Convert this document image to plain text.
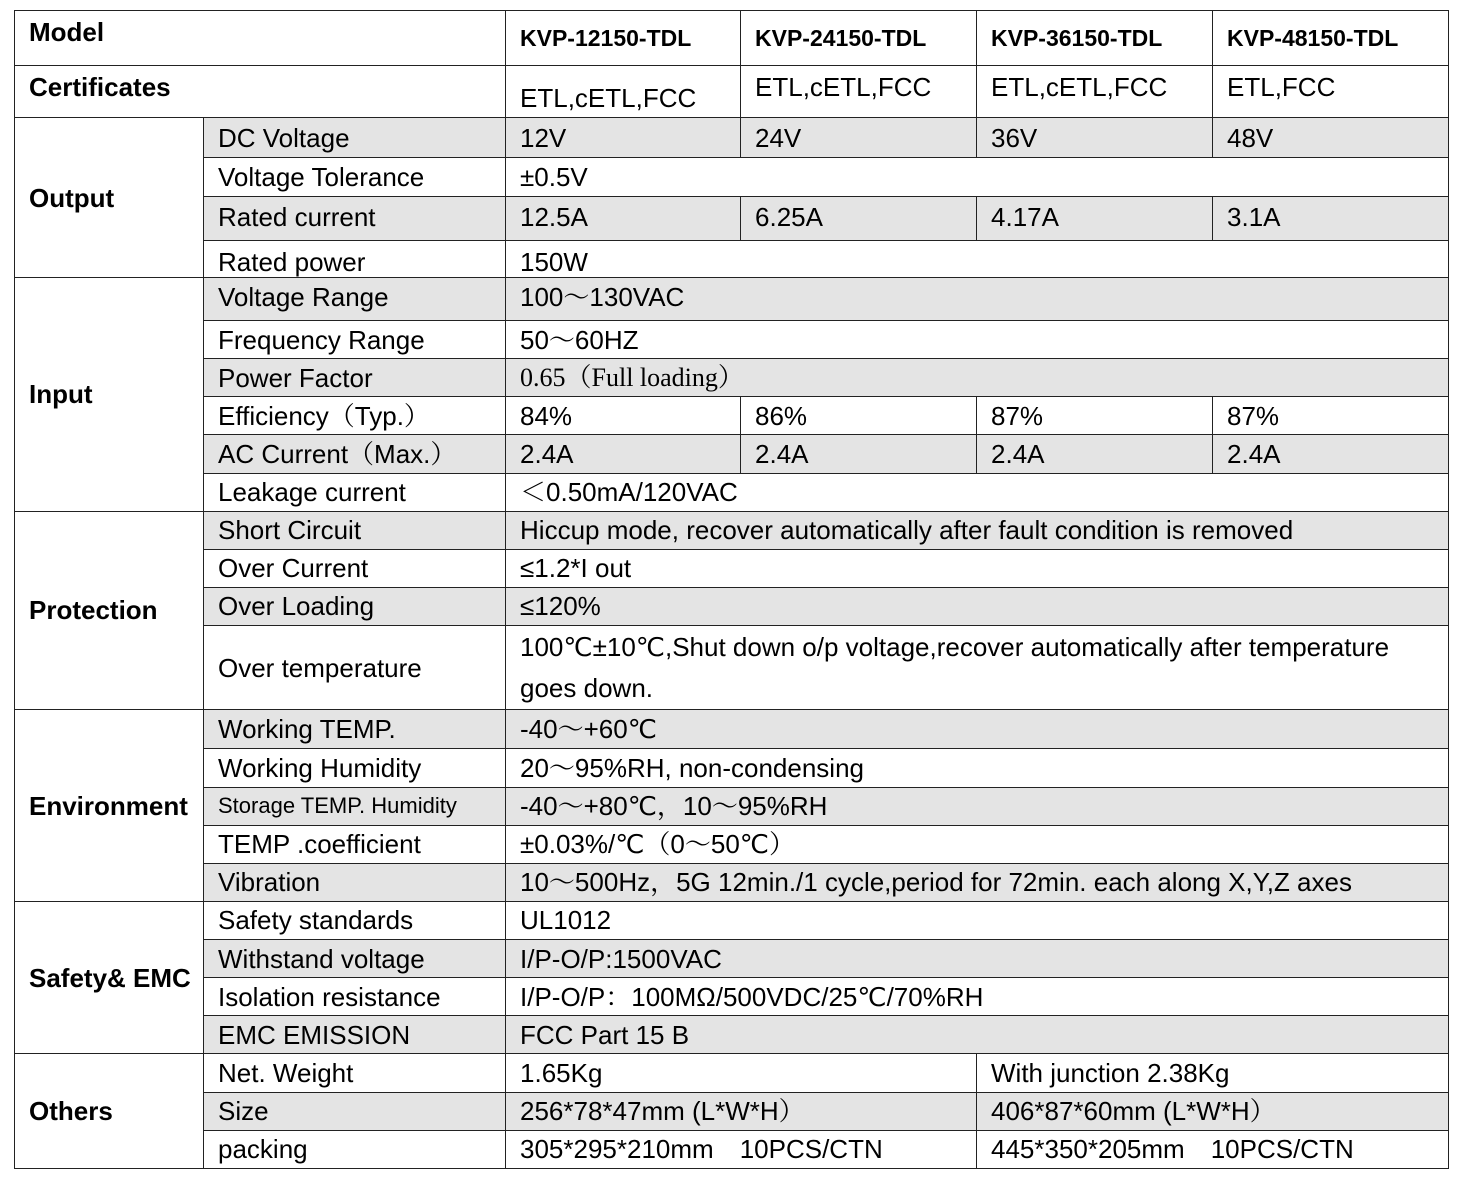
Model		KVP-12150-TDL	KVP-24150-TDL	KVP-36150-TDL	KVP-48150-TDL
Certificates		ETL,cETL,FCC	ETL,cETL,FCC	ETL,cETL,FCC	ETL,FCC
Output	DC Voltage	12V	24V	36V	48V
	Voltage Tolerance	±0.5V			
	Rated current	12.5A	6.25A	4.17A	3.1A
	Rated power	150W			
Input	Voltage Range	100～130VAC			
	Frequency Range	50～60HZ			
	Power Factor	0.65（Full loading）			
	Efficiency（Typ.）	84%	86%	87%	87%
	AC Current（Max.）	2.4A	2.4A	2.4A	2.4A
	Leakage current	＜0.50mA/120VAC			
Protection	Short Circuit	Hiccup mode, recover automatically after fault condition is removed			
	Over Current	≤1.2*I out			
	Over Loading	≤120%			
	Over temperature	100℃±10℃,Shut down o/p voltage,recover automatically after temperature goes down.			
Environment	Working TEMP.	-40～+60℃			
	Working Humidity	20～95%RH, non-condensing			
	Storage TEMP. Humidity	-40～+80℃，10～95%RH			
	TEMP .coefficient	±0.03%/℃（0～50℃）			
	Vibration	10～500Hz，5G 12min./1 cycle,period for 72min. each along X,Y,Z axes			
Safety& EMC	Safety standards	UL1012			
	Withstand voltage	I/P-O/P:1500VAC			
	Isolation resistance	I/P-O/P：100MΩ/500VDC/25℃/70%RH			
	EMC EMISSION	FCC Part 15 B			
Others	Net. Weight	1.65Kg		With junction 2.38Kg	
	Size	256*78*47mm (L*W*H）		406*87*60mm (L*W*H）	
	packing	305*295*210mm　10PCS/CTN		445*350*205mm　10PCS/CTN	
